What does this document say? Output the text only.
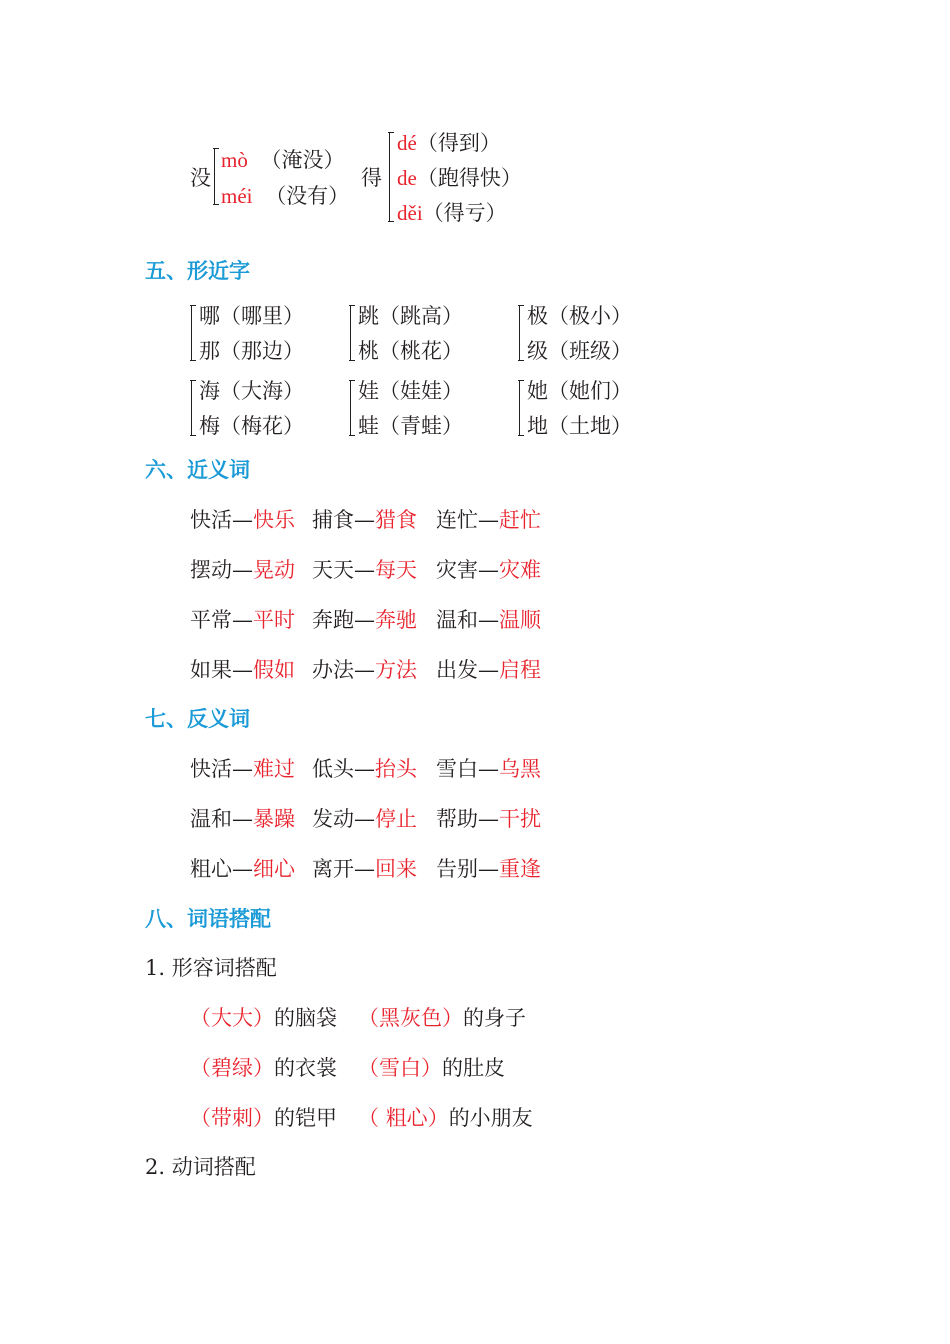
没
mò （淹没）
méi （没有）
得
dé（得到）
de（跑得快）
děi（得亏）
五、形近字
哪（哪里）
那（那边）
跳（跳高）
桃（桃花）
极（极小）
级（班级）
海（大海）
梅（梅花）
娃（娃娃）
蛙（青蛙）
她（她们）
地（土地）
六、近义词
快活—快乐 捕食—猎食 连忙—赶忙
摆动—晃动 天天—每天 灾害—灾难
平常—平时 奔跑—奔驰 温和—温顺
如果—假如 办法—方法 出发—启程
七、反义词
快活—难过 低头—抬头 雪白—乌黑
温和—暴躁 发动—停止 帮助—干扰
粗心—细心 离开—回来 告别—重逢
八、词语搭配
1. 形容词搭配
（大大）的脑袋 （黑灰色）的身子
（碧绿）的衣裳 （雪白）的肚皮
（带刺）的铠甲 （ 粗心）的小朋友
2. 动词搭配
